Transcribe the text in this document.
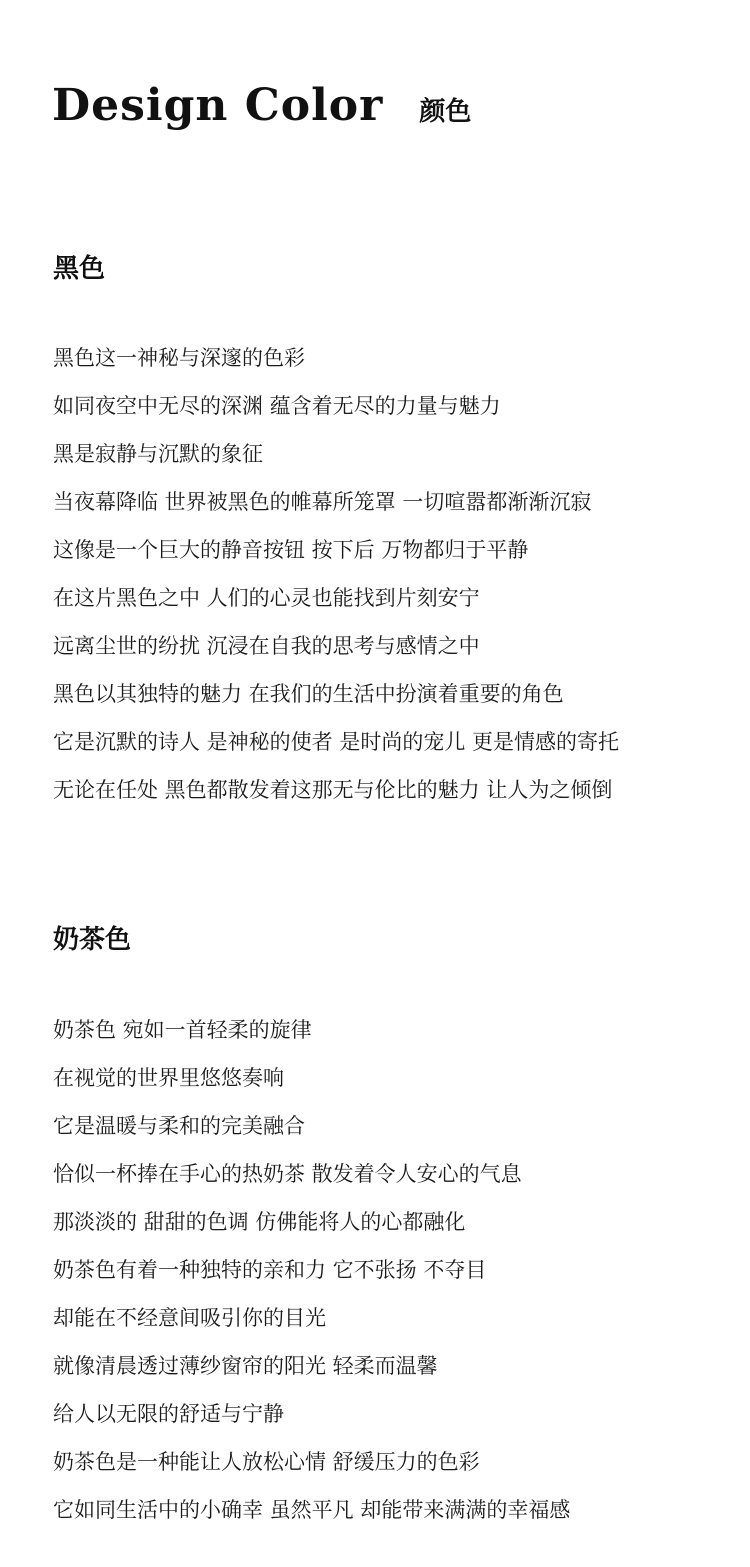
Design Color 颜色
黑色
黑色这一神秘与深邃的色彩
如同夜空中无尽的深渊 蕴含着无尽的力量与魅力
黑是寂静与沉默的象征
当夜幕降临 世界被黑色的帷幕所笼罩 一切喧嚣都渐渐沉寂
这像是一个巨大的静音按钮 按下后 万物都归于平静
在这片黑色之中 人们的心灵也能找到片刻安宁
远离尘世的纷扰 沉浸在自我的思考与感情之中
黑色以其独特的魅力 在我们的生活中扮演着重要的角色
它是沉默的诗人 是神秘的使者 是时尚的宠儿 更是情感的寄托
无论在任处 黑色都散发着这那无与伦比的魅力 让人为之倾倒
奶茶色
奶茶色 宛如一首轻柔的旋律
在视觉的世界里悠悠奏响
它是温暖与柔和的完美融合
恰似一杯捧在手心的热奶茶 散发着令人安心的气息
那淡淡的 甜甜的色调 仿佛能将人的心都融化
奶茶色有着一种独特的亲和力 它不张扬 不夺目
却能在不经意间吸引你的目光
就像清晨透过薄纱窗帘的阳光 轻柔而温馨
给人以无限的舒适与宁静
奶茶色是一种能让人放松心情 舒缓压力的色彩
它如同生活中的小确幸 虽然平凡 却能带来满满的幸福感
